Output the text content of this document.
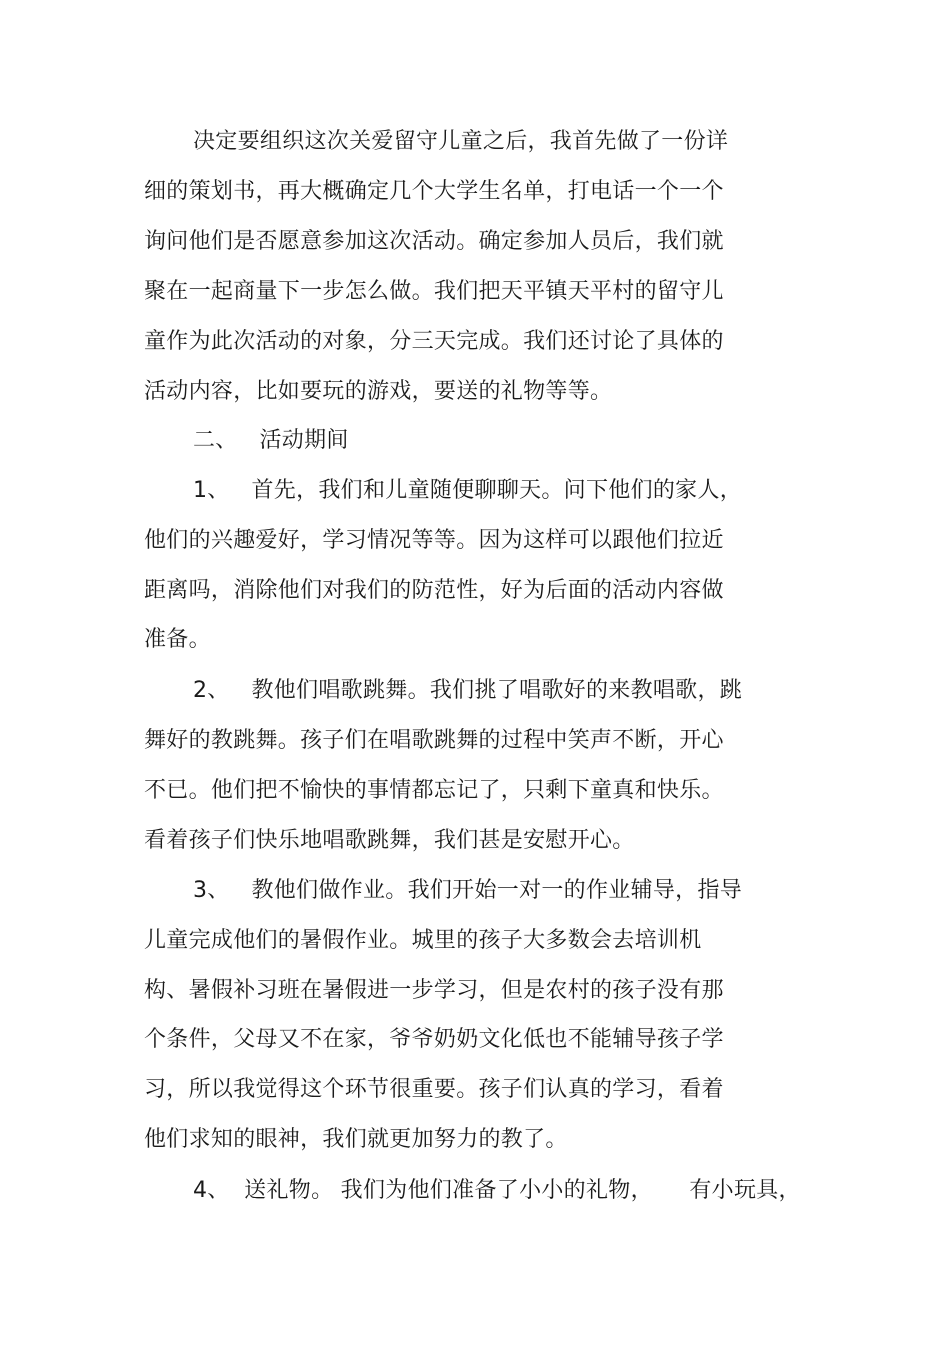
决定要组织这次关爱留守儿童之后，我首先做了一份详
细的策划书，再大概确定几个大学生名单，打电话一个一个
询问他们是否愿意参加这次活动。确定参加人员后，我们就
聚在一起商量下一步怎么做。我们把天平镇天平村的留守儿
童作为此次活动的对象，分三天完成。我们还讨论了具体的
活动内容，比如要玩的游戏，要送的礼物等等。
二、   活动期间
1、   首先，我们和儿童随便聊聊天。问下他们的家人，
他们的兴趣爱好，学习情况等等。因为这样可以跟他们拉近
距离吗，消除他们对我们的防范性，好为后面的活动内容做
准备。
2、   教他们唱歌跳舞。我们挑了唱歌好的来教唱歌，跳
舞好的教跳舞。孩子们在唱歌跳舞的过程中笑声不断，开心
不已。他们把不愉快的事情都忘记了，只剩下童真和快乐。
看着孩子们快乐地唱歌跳舞，我们甚是安慰开心。
3、   教他们做作业。我们开始一对一的作业辅导，指导
儿童完成他们的暑假作业。城里的孩子大多数会去培训机
构、暑假补习班在暑假进一步学习，但是农村的孩子没有那
个条件，父母又不在家，爷爷奶奶文化低也不能辅导孩子学
习，所以我觉得这个环节很重要。孩子们认真的学习，看着
他们求知的眼神，我们就更加努力的教了。
4、  送礼物。 我们为他们准备了小小的礼物，     有小玩具，
